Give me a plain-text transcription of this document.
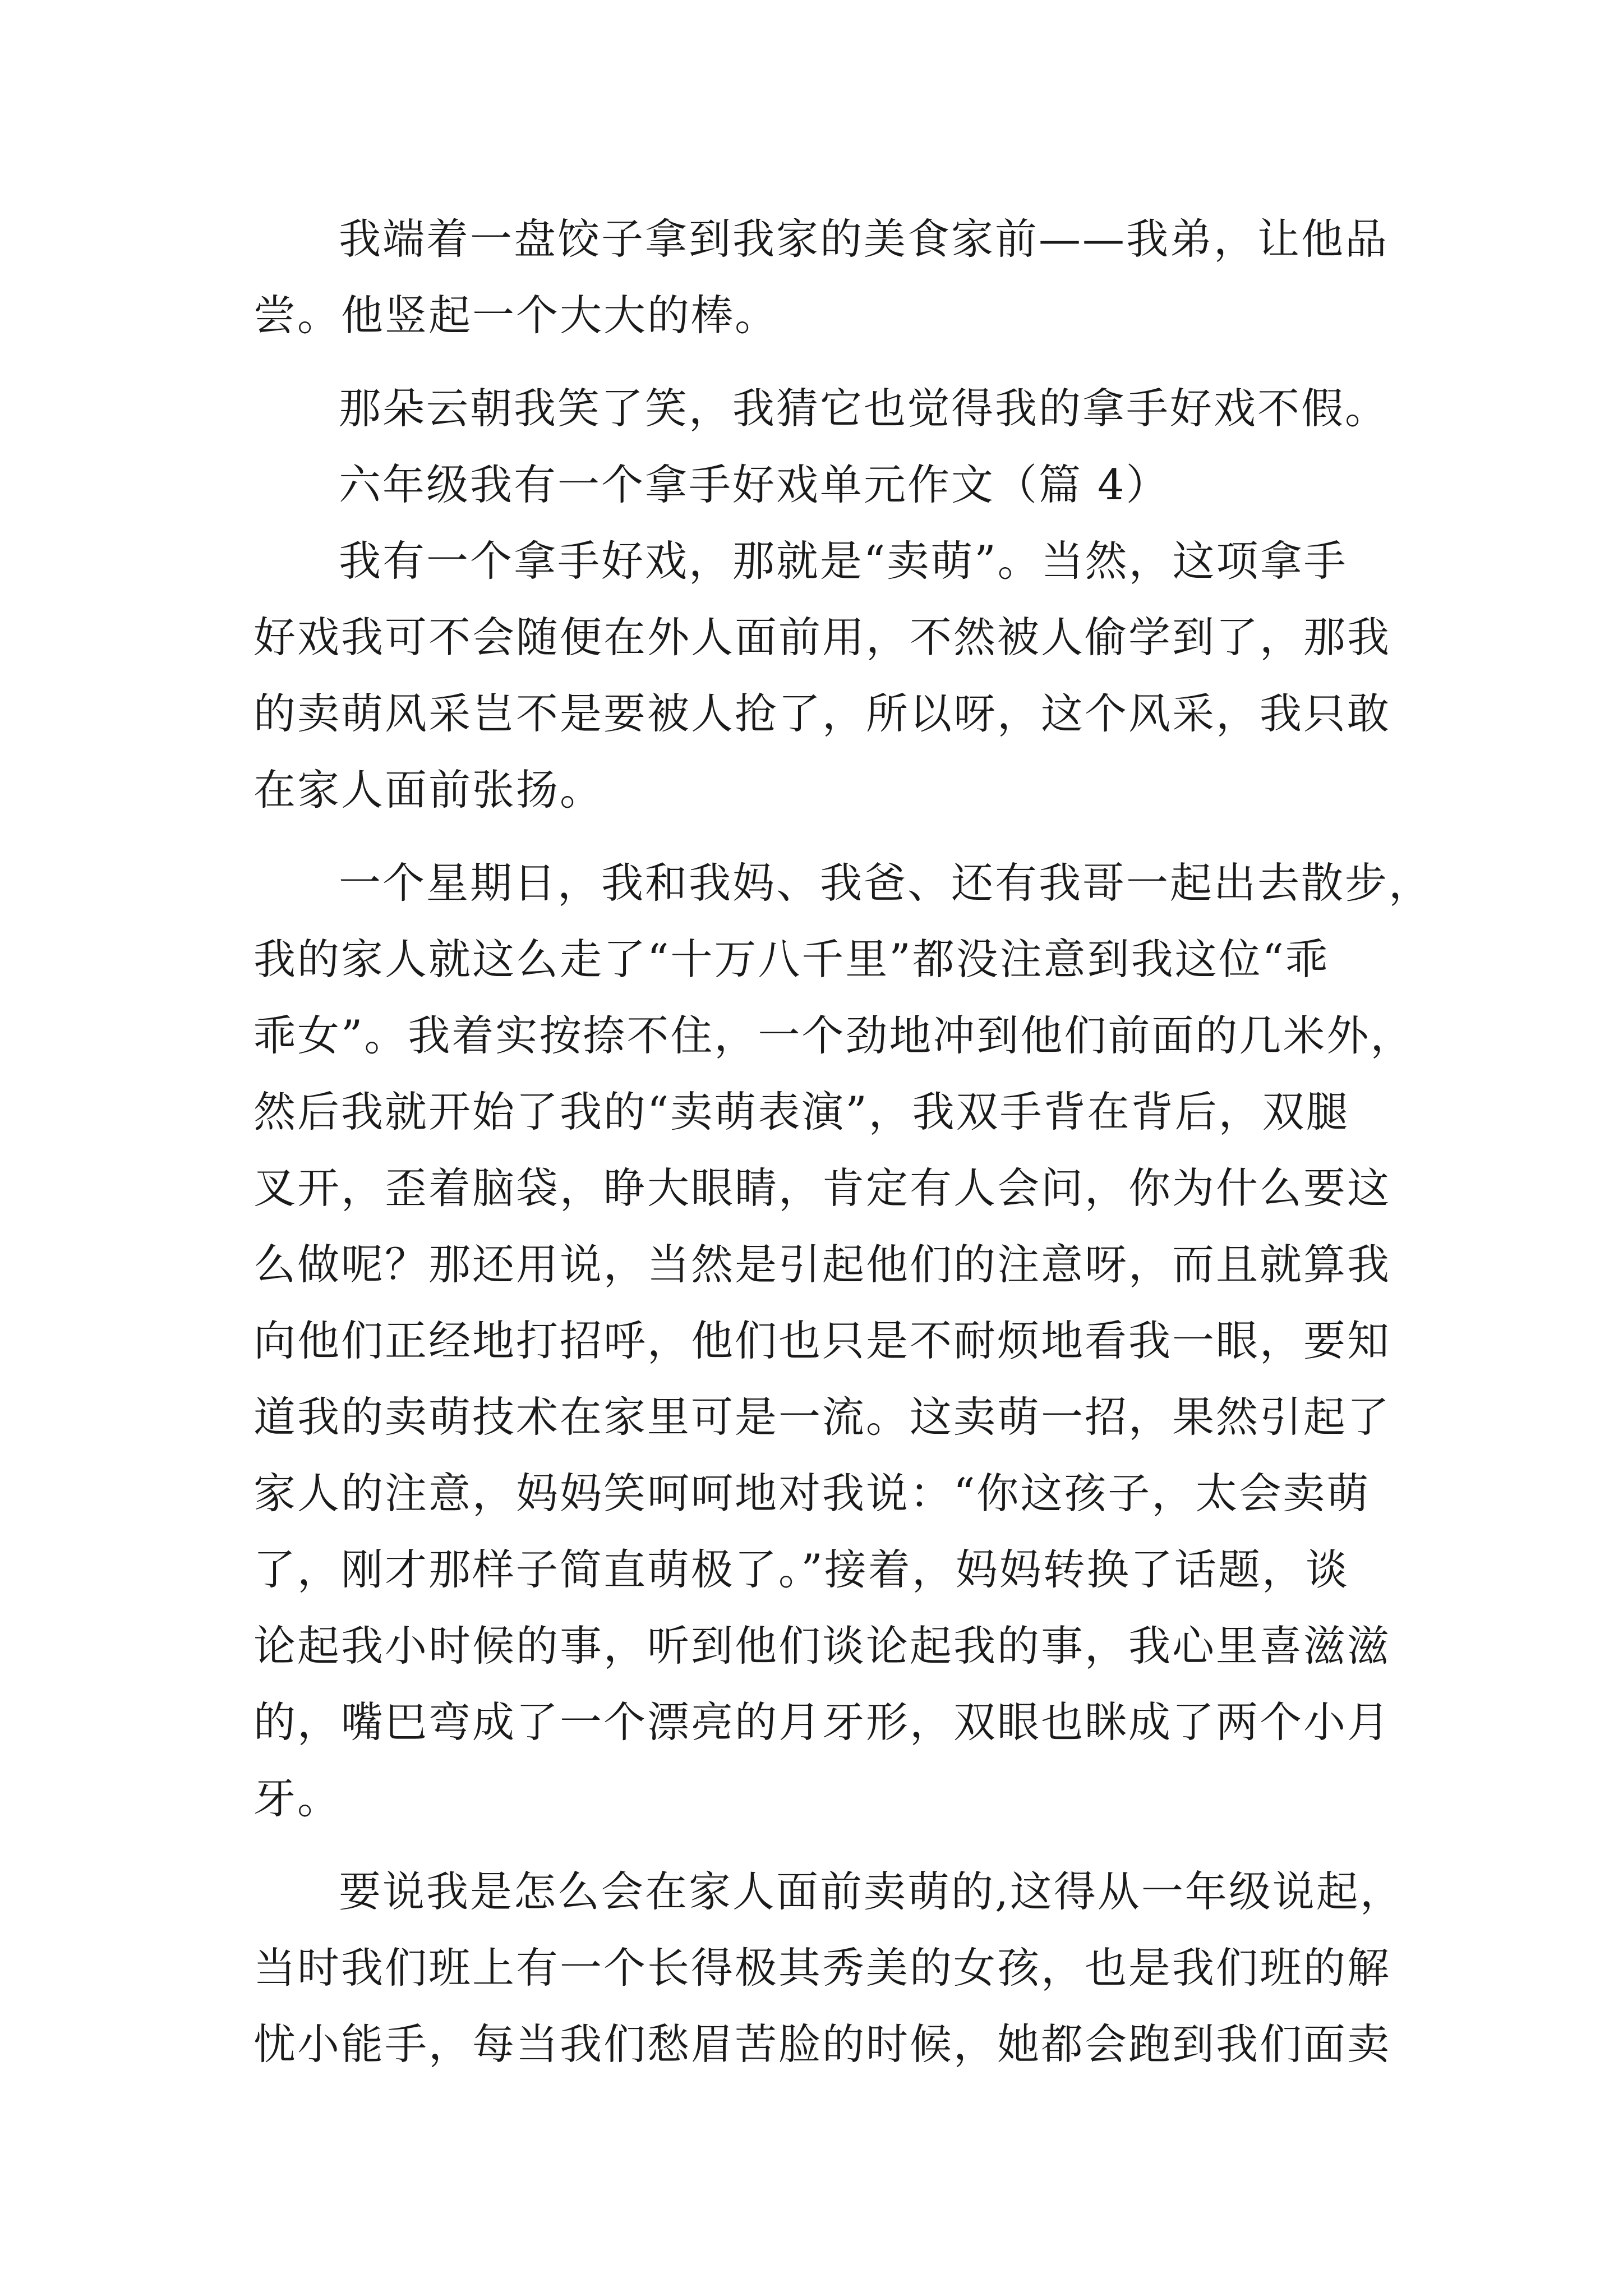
我端着一盘饺子拿到我家的美食家前——我弟，让他品
尝。他竖起一个大大的棒。
那朵云朝我笑了笑，我猜它也觉得我的拿手好戏不假。
六年级我有一个拿手好戏单元作文（篇 4）
我有一个拿手好戏，那就是“卖萌”。当然，这项拿手
好戏我可不会随便在外人面前用，不然被人偷学到了，那我
的卖萌风采岂不是要被人抢了，所以呀，这个风采，我只敢
在家人面前张扬。
一个星期日，我和我妈、我爸、还有我哥一起出去散步，
我的家人就这么走了“十万八千里”都没注意到我这位“乖
乖女”。我着实按捺不住，一个劲地冲到他们前面的几米外，
然后我就开始了我的“卖萌表演”，我双手背在背后，双腿
叉开，歪着脑袋，睁大眼睛，肯定有人会问，你为什么要这
么做呢？那还用说，当然是引起他们的注意呀，而且就算我
向他们正经地打招呼，他们也只是不耐烦地看我一眼，要知
道我的卖萌技术在家里可是一流。这卖萌一招，果然引起了
家人的注意，妈妈笑呵呵地对我说：“你这孩子，太会卖萌
了，刚才那样子简直萌极了。”接着，妈妈转换了话题，谈
论起我小时候的事，听到他们谈论起我的事，我心里喜滋滋
的，嘴巴弯成了一个漂亮的月牙形，双眼也眯成了两个小月
牙。
要说我是怎么会在家人面前卖萌的,这得从一年级说起，
当时我们班上有一个长得极其秀美的女孩，也是我们班的解
忧小能手，每当我们愁眉苦脸的时候，她都会跑到我们面卖
